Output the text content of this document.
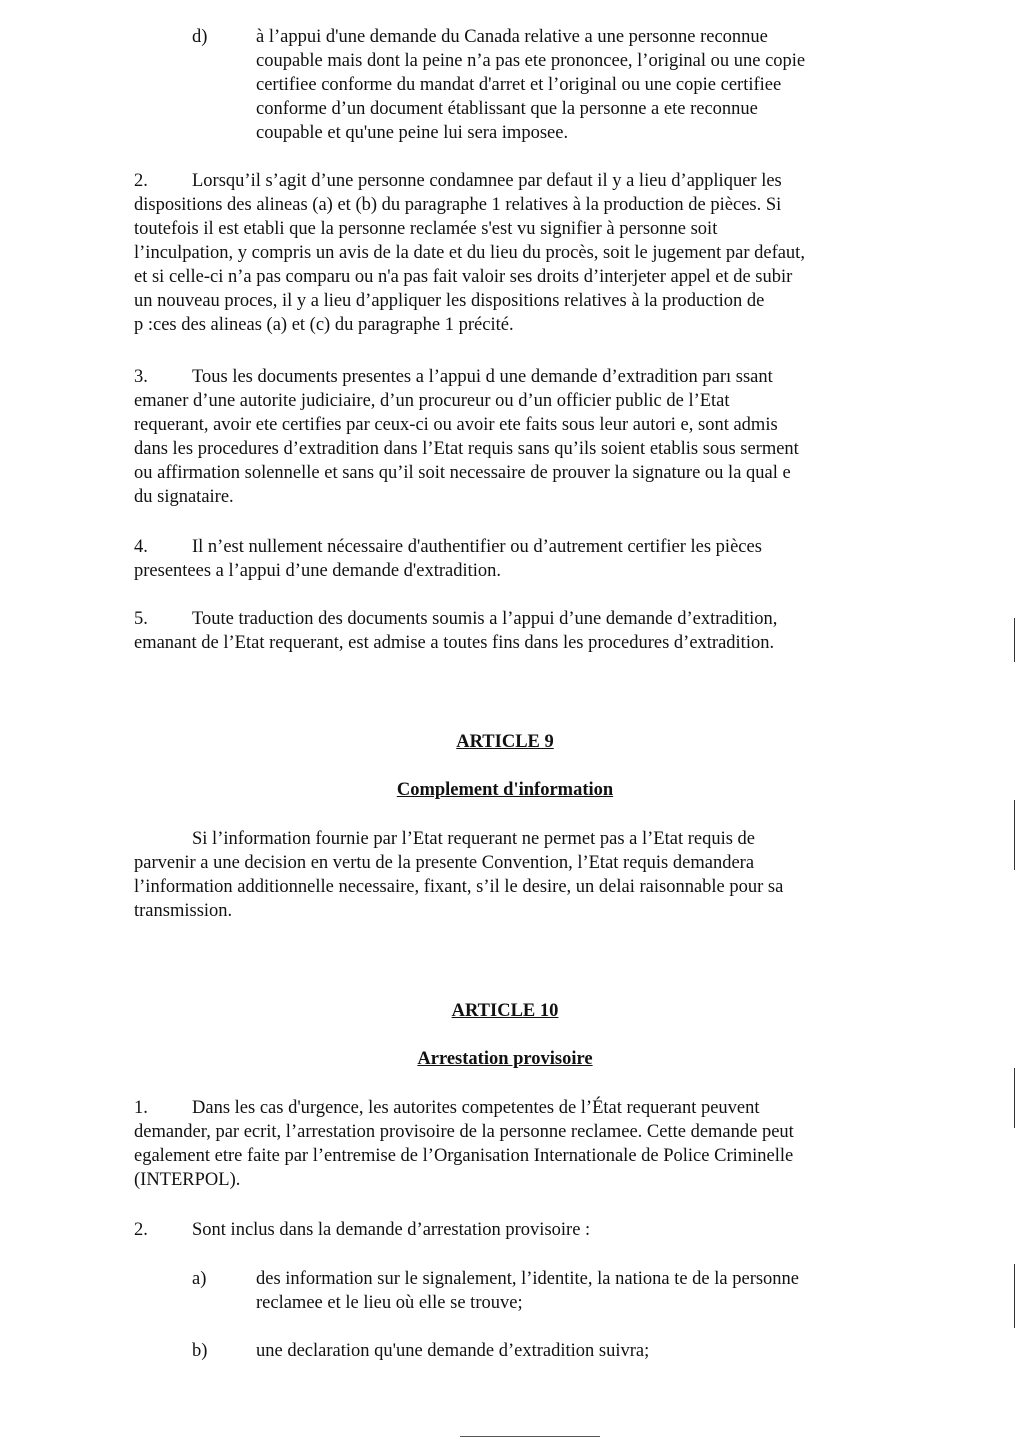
d)	à l’appui d'une demande du Canada relative a une personne reconnue
coupable mais dont la peine n’a pas ete prononcee, l’original ou une copie
certifiee conforme du mandat d'arret et l’original ou une copie certifiee
conforme d’un document établissant que la personne a ete reconnue
coupable et qu'une peine lui sera imposee.
2. Lorsqu’il s’agit d’une personne condamnee par defaut il y a lieu d’appliquer les
dispositions des alineas (a) et (b) du paragraphe 1 relatives à la production de pièces. Si
toutefois il est etabli que la personne reclamée s'est vu signifier à personne soit
l’inculpation, y compris un avis de la date et du lieu du procès, soit le jugement par defaut,
et si celle-ci n’a pas comparu ou n'a pas fait valoir ses droits d’interjeter appel et de subir
un nouveau proces, il y a lieu d’appliquer les dispositions relatives à la production de
p :ces des alineas (a) et (c) du paragraphe 1 précité.
3. Tous les documents presentes a l’appui d une demande d’extradition parı ssant
emaner d’une autorite judiciaire, d’un procureur ou d’un officier public de l’Etat
requerant, avoir ete certifies par ceux-ci ou avoir ete faits sous leur autori e, sont admis
dans les procedures d’extradition dans l’Etat requis sans qu’ils soient etablis sous serment
ou affirmation solennelle et sans qu’il soit necessaire de prouver la signature ou la qual e
du signataire.
4. Il n’est nullement nécessaire d'authentifier ou d’autrement certifier les pièces
presentees a l’appui d’une demande d'extradition.
5. Toute traduction des documents soumis a l’appui d’une demande d’extradition,
emanant de l’Etat requerant, est admise a toutes fins dans les procedures d’extradition.
ARTICLE 9
Complement d'information
Si l’information fournie par l’Etat requerant ne permet pas a l’Etat requis de
parvenir a une decision en vertu de la presente Convention, l’Etat requis demandera
l’information additionnelle necessaire, fixant, s’il le desire, un delai raisonnable pour sa
transmission.
ARTICLE 10
Arrestation provisoire
1. Dans les cas d'urgence, les autorites competentes de l’État requerant peuvent
demander, par ecrit, l’arrestation provisoire de la personne reclamee. Cette demande peut
egalement etre faite par l’entremise de l’Organisation Internationale de Police Criminelle
(INTERPOL).
2. Sont inclus dans la demande d’arrestation provisoire :
a)	des information sur le signalement, l’identite, la nationa te de la personne
reclamee et le lieu où elle se trouve;
b)	une declaration qu'une demande d’extradition suivra;
